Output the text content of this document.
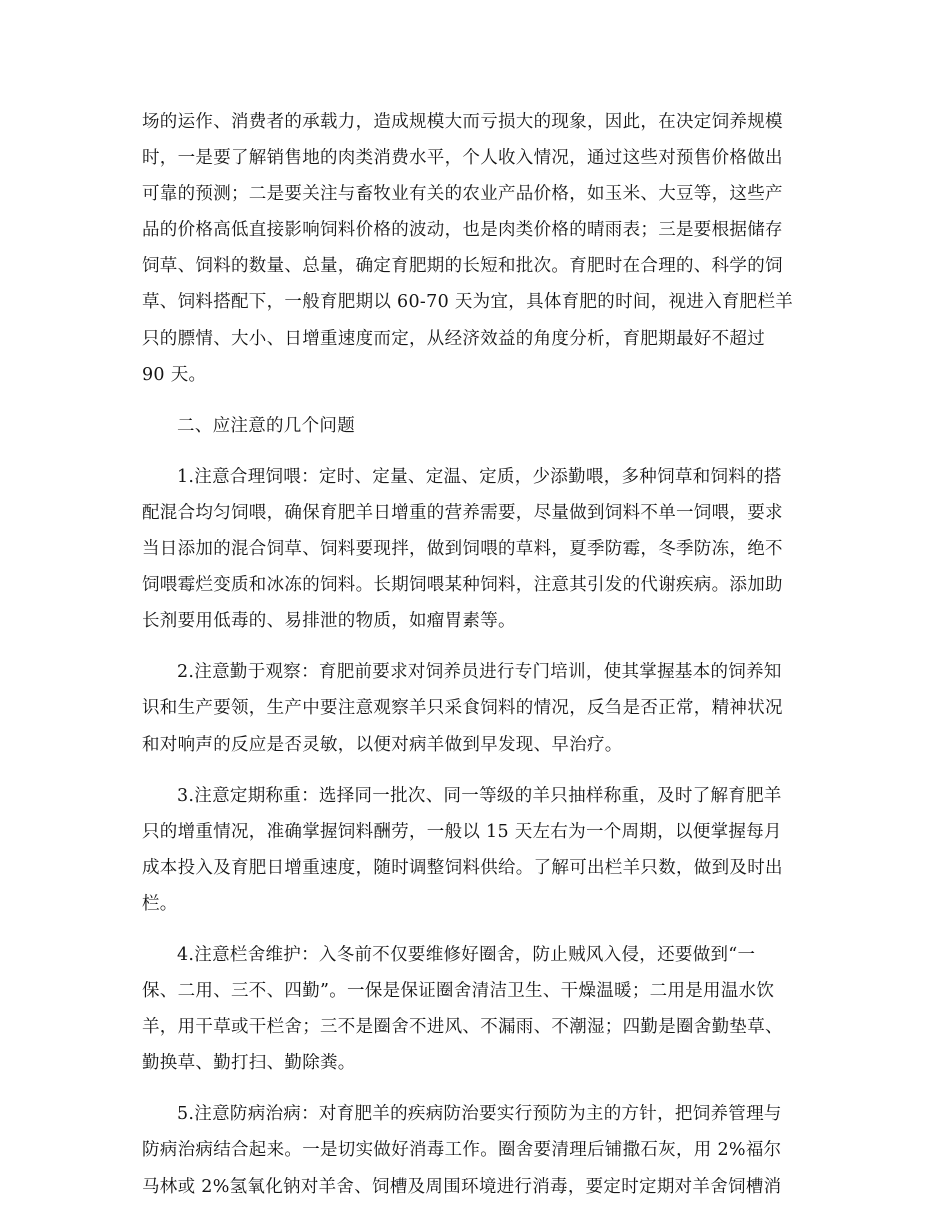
场的运作、消费者的承载力，造成规模大而亏损大的现象，因此，在决定饲养规模
时，一是要了解销售地的肉类消费水平，个人收入情况，通过这些对预售价格做出
可靠的预测；二是要关注与畜牧业有关的农业产品价格，如玉米、大豆等，这些产
品的价格高低直接影响饲料价格的波动，也是肉类价格的晴雨表；三是要根据储存
饲草、饲料的数量、总量，确定育肥期的长短和批次。育肥时在合理的、科学的饲
草、饲料搭配下，一般育肥期以 60-70 天为宜，具体育肥的时间，视进入育肥栏羊
只的膘情、大小、日增重速度而定，从经济效益的角度分析，育肥期最好不超过
90 天。

二、应注意的几个问题

1.注意合理饲喂：定时、定量、定温、定质，少添勤喂，多种饲草和饲料的搭
配混合均匀饲喂，确保育肥羊日增重的营养需要，尽量做到饲料不单一饲喂，要求
当日添加的混合饲草、饲料要现拌，做到饲喂的草料，夏季防霉，冬季防冻，绝不
饲喂霉烂变质和冰冻的饲料。长期饲喂某种饲料，注意其引发的代谢疾病。添加助
长剂要用低毒的、易排泄的物质，如瘤胃素等。

2.注意勤于观察：育肥前要求对饲养员进行专门培训，使其掌握基本的饲养知
识和生产要领，生产中要注意观察羊只采食饲料的情况，反刍是否正常，精神状况
和对响声的反应是否灵敏，以便对病羊做到早发现、早治疗。

3.注意定期称重：选择同一批次、同一等级的羊只抽样称重，及时了解育肥羊
只的增重情况，准确掌握饲料酬劳，一般以 15 天左右为一个周期，以便掌握每月
成本投入及育肥日增重速度，随时调整饲料供给。了解可出栏羊只数，做到及时出
栏。

4.注意栏舍维护：入冬前不仅要维修好圈舍，防止贼风入侵，还要做到“一
保、二用、三不、四勤”。一保是保证圈舍清洁卫生、干燥温暖；二用是用温水饮
羊，用干草或干栏舍；三不是圈舍不进风、不漏雨、不潮湿；四勤是圈舍勤垫草、
勤换草、勤打扫、勤除粪。

5.注意防病治病：对育肥羊的疾病防治要实行预防为主的方针，把饲养管理与
防病治病结合起来。一是切实做好消毒工作。圈舍要清理后铺撒石灰，用 2%福尔
马林或 2%氢氧化钠对羊舍、饲槽及周围环境进行消毒，要定时定期对羊舍饲槽消
